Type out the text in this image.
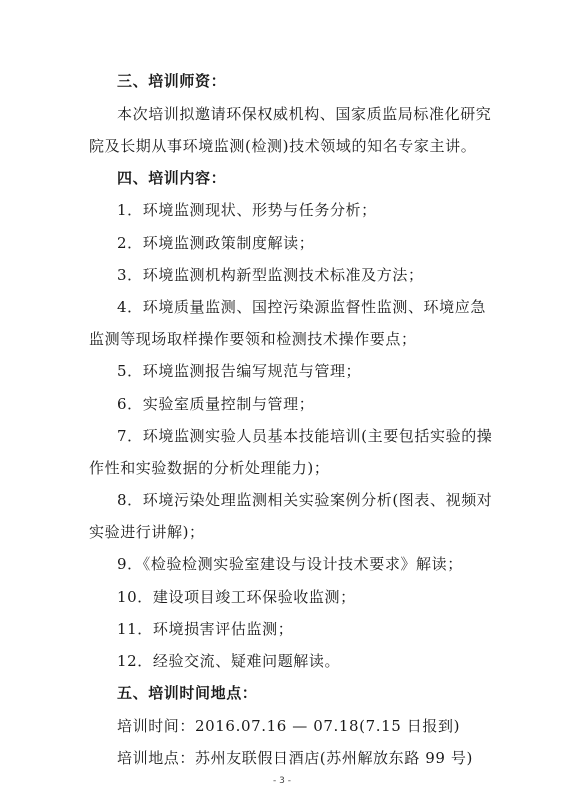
三、培训师资：
本次培训拟邀请环保权威机构、国家质监局标准化研究
院及长期从事环境监测(检测)技术领域的知名专家主讲。
四、培训内容：
1．环境监测现状、形势与任务分析；
2．环境监测政策制度解读；
3．环境监测机构新型监测技术标准及方法；
4．环境质量监测、国控污染源监督性监测、环境应急
监测等现场取样操作要领和检测技术操作要点；
5．环境监测报告编写规范与管理；
6．实验室质量控制与管理；
7．环境监测实验人员基本技能培训(主要包括实验的操
作性和实验数据的分析处理能力)；
8．环境污染处理监测相关实验案例分析(图表、视频对
实验进行讲解)；
9．《检验检测实验室建设与设计技术要求》解读；
10．建设项目竣工环保验收监测；
11．环境损害评估监测；
12．经验交流、疑难问题解读。
五、培训时间地点：
培训时间：2016.07.16 — 07.18(7.15 日报到)
培训地点：苏州友联假日酒店(苏州解放东路 99 号)
- 3 -
